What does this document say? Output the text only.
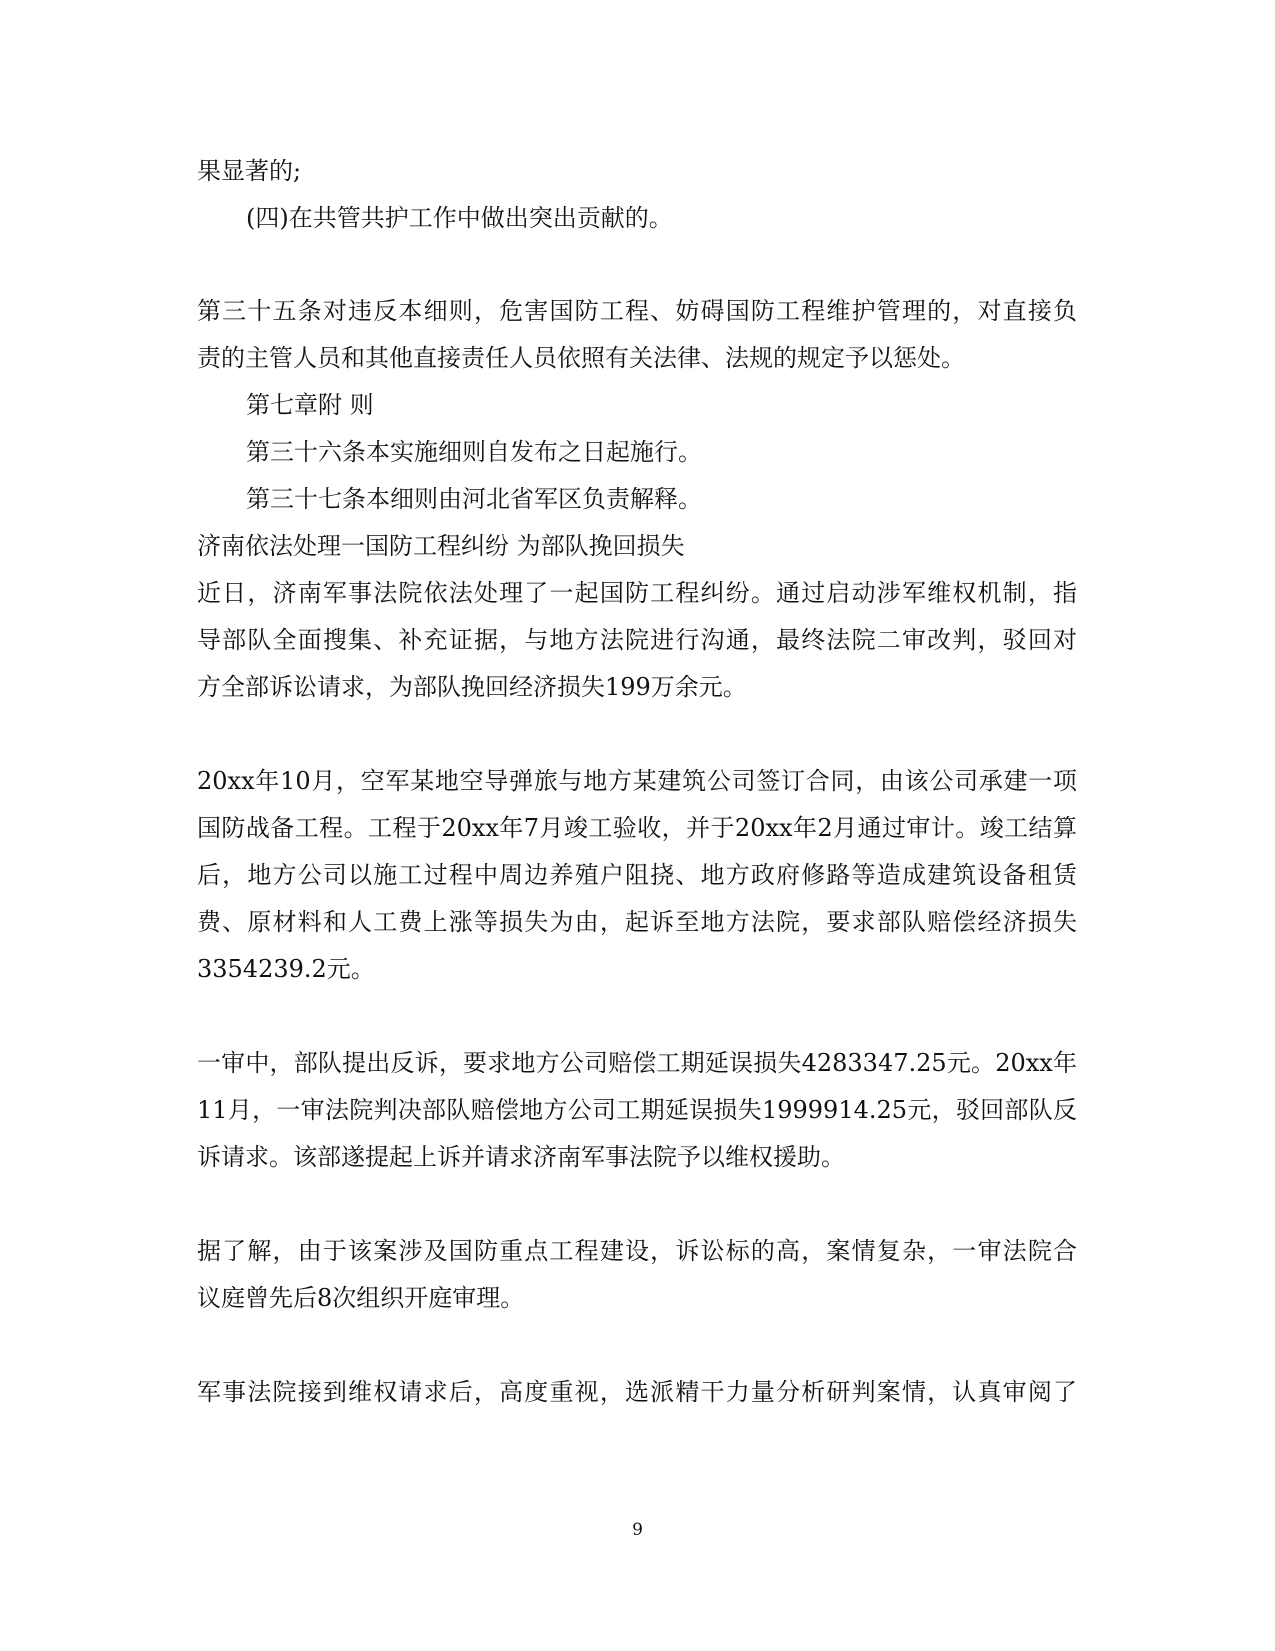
果显著的;

(四)在共管共护工作中做出突出贡献的。

第三十五条对违反本细则，危害国防工程、妨碍国防工程维护管理的，对直接负

责的主管人员和其他直接责任人员依照有关法律、法规的规定予以惩处。

第七章附 则

第三十六条本实施细则自发布之日起施行。

第三十七条本细则由河北省军区负责解释。

济南依法处理一国防工程纠纷 为部队挽回损失

近日，济南军事法院依法处理了一起国防工程纠纷。通过启动涉军维权机制，指

导部队全面搜集、补充证据，与地方法院进行沟通，最终法院二审改判，驳回对

方全部诉讼请求，为部队挽回经济损失199万余元。

20xx年10月，空军某地空导弹旅与地方某建筑公司签订合同，由该公司承建一项

国防战备工程。工程于20xx年7月竣工验收，并于20xx年2月通过审计。竣工结算

后，地方公司以施工过程中周边养殖户阻挠、地方政府修路等造成建筑设备租赁

费、原材料和人工费上涨等损失为由，起诉至地方法院，要求部队赔偿经济损失

3354239.2元。

一审中，部队提出反诉，要求地方公司赔偿工期延误损失4283347.25元。20xx年

11月，一审法院判决部队赔偿地方公司工期延误损失1999914.25元，驳回部队反

诉请求。该部遂提起上诉并请求济南军事法院予以维权援助。

据了解，由于该案涉及国防重点工程建设，诉讼标的高，案情复杂，一审法院合

议庭曾先后8次组织开庭审理。

军事法院接到维权请求后，高度重视，选派精干力量分析研判案情，认真审阅了

9
